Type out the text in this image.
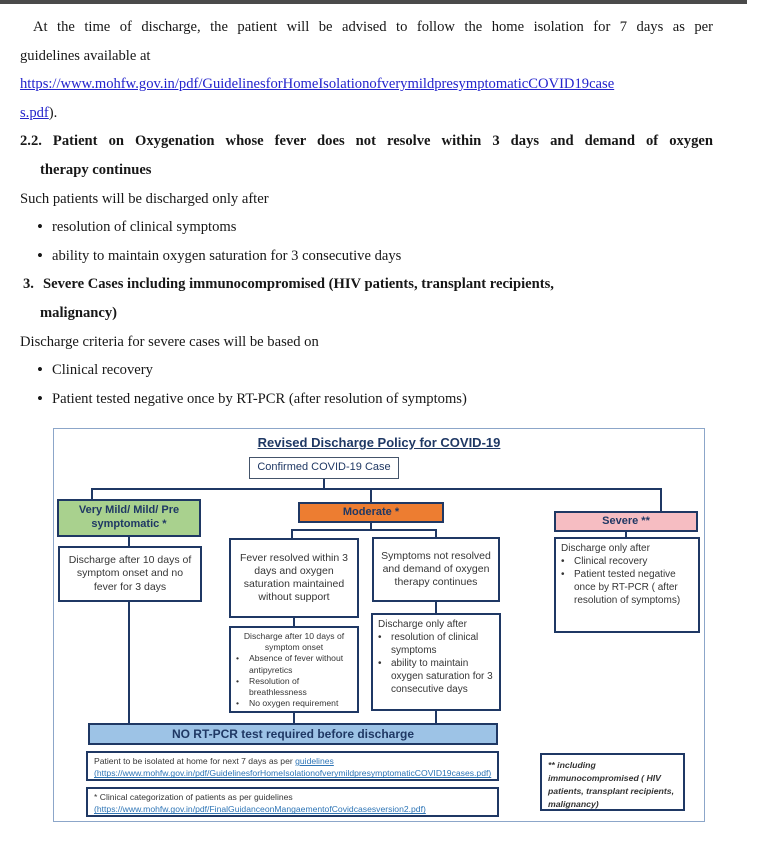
At the time of discharge, the patient will be advised to follow the home isolation for 7 days as per
guidelines available at
https://www.mohfw.gov.in/pdf/GuidelinesforHomeIsolationofverymildpresymptomaticCOVID19case
s.pdf).
2.2. Patient on Oxygenation whose fever does not resolve within 3 days and demand of oxygen
therapy continues
Such patients will be discharged only after
• resolution of clinical symptoms
• ability to maintain oxygen saturation for 3 consecutive days
3. Severe Cases including immunocompromised (HIV patients, transplant recipients,
malignancy)
Discharge criteria for severe cases will be based on
• Clinical recovery
• Patient tested negative once by RT-PCR (after resolution of symptoms)
Revised Discharge Policy for COVID-19
Confirmed COVID-19 Case
Very Mild/ Mild/ Pre symptomatic *
Moderate *
Severe **
Discharge after 10 days of symptom onset and no fever for 3 days
Fever resolved within 3 days and oxygen saturation maintained without support
Symptoms not resolved and demand of oxygen therapy continues
Discharge after 10 days of symptom onset
• Absence of fever without antipyretics
• Resolution of breathlessness
• No oxygen requirement
Discharge only after
• resolution of clinical symptoms
• ability to maintain oxygen saturation for 3 consecutive days
Discharge only after
• Clinical recovery
• Patient tested negative once by RT-PCR ( after resolution of symptoms)
NO RT-PCR test required before discharge
Patient to be isolated at home for next 7 days as per guidelines
(https://www.mohfw.gov.in/pdf/GuidelinesforHomeIsolationofverymildpresymptomaticCOVID19cases.pdf)
* Clinical categorization of patients as per guidelines
(https://www.mohfw.gov.in/pdf/FinalGuidanceonMangaementofCovidcasesversion2.pdf)
** including immunocompromised ( HIV patients, transplant recipients, malignancy)
